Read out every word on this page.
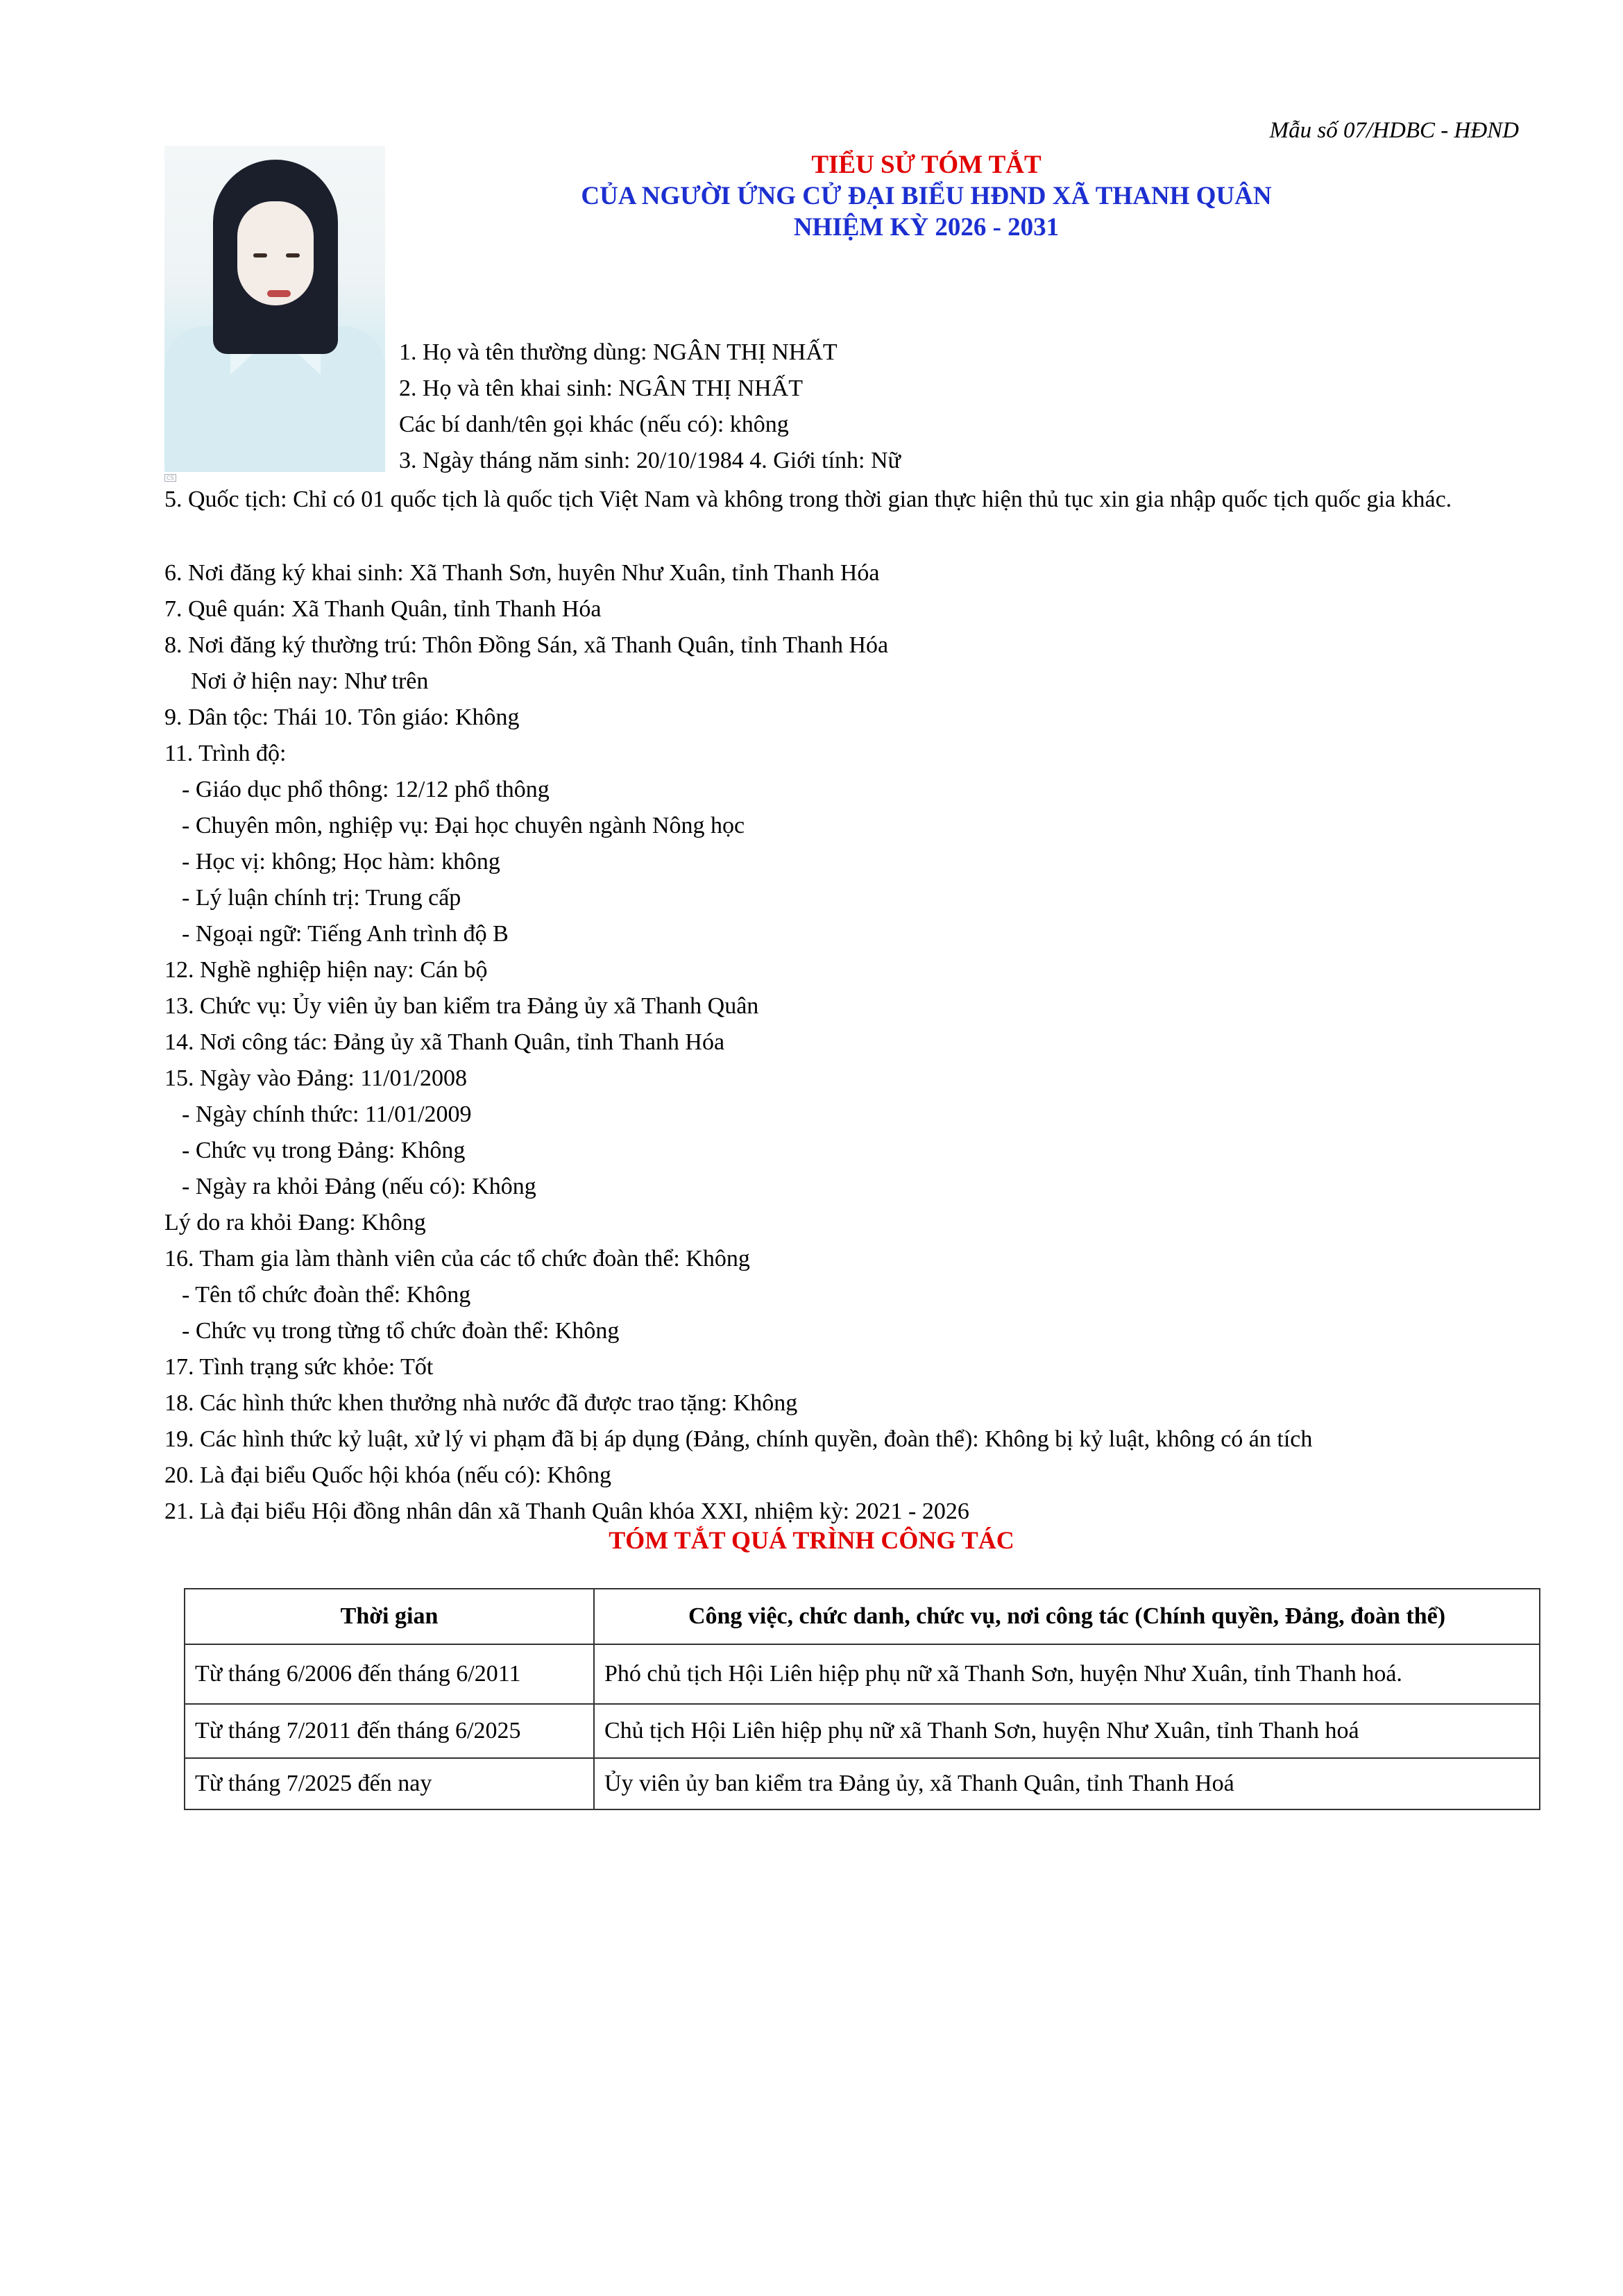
Mẫu số 07/HDBC - HĐND
TIỂU SỬ TÓM TẮT
CỦA NGƯỜI ỨNG CỬ ĐẠI BIỂU HĐND XÃ THANH QUÂN
NHIỆM KỲ 2026 - 2031
CS
1. Họ và tên thường dùng: NGÂN THỊ NHẤT
2. Họ và tên khai sinh: NGÂN THỊ NHẤT
Các bí danh/tên gọi khác (nếu có): không
3. Ngày tháng năm sinh: 20/10/1984 4. Giới tính: Nữ
5. Quốc tịch: Chỉ có 01 quốc tịch là quốc tịch Việt Nam và không trong thời gian thực hiện thủ tục xin gia nhập quốc tịch quốc gia khác.
6. Nơi đăng ký khai sinh: Xã Thanh Sơn, huyên Như Xuân, tỉnh Thanh Hóa
7. Quê quán: Xã Thanh Quân, tỉnh Thanh Hóa
8. Nơi đăng ký thường trú: Thôn Đồng Sán, xã Thanh Quân, tỉnh Thanh Hóa
Nơi ở hiện nay: Như trên
9. Dân tộc: Thái 10. Tôn giáo: Không
11. Trình độ:
- Giáo dục phổ thông: 12/12 phổ thông
- Chuyên môn, nghiệp vụ: Đại học chuyên ngành Nông học
- Học vị: không; Học hàm: không
- Lý luận chính trị: Trung cấp
- Ngoại ngữ: Tiếng Anh trình độ B
12. Nghề nghiệp hiện nay: Cán bộ
13. Chức vụ: Ủy viên ủy ban kiểm tra Đảng ủy xã Thanh Quân
14. Nơi công tác: Đảng ủy xã Thanh Quân, tỉnh Thanh Hóa
15. Ngày vào Đảng: 11/01/2008
- Ngày chính thức: 11/01/2009
- Chức vụ trong Đảng: Không
- Ngày ra khỏi Đảng (nếu có): Không
Lý do ra khỏi Đang: Không
16. Tham gia làm thành viên của các tổ chức đoàn thể: Không
- Tên tổ chức đoàn thể: Không
- Chức vụ trong từng tổ chức đoàn thể: Không
17. Tình trạng sức khỏe: Tốt
18. Các hình thức khen thưởng nhà nước đã được trao tặng: Không
19. Các hình thức kỷ luật, xử lý vi phạm đã bị áp dụng (Đảng, chính quyền, đoàn thể): Không bị kỷ luật, không có án tích
20. Là đại biểu Quốc hội khóa (nếu có): Không
21. Là đại biểu Hội đồng nhân dân xã Thanh Quân khóa XXI, nhiệm kỳ: 2021 - 2026
TÓM TẮT QUÁ TRÌNH CÔNG TÁC
Thời gian	Công việc, chức danh, chức vụ, nơi công tác (Chính quyền, Đảng, đoàn thể)
Từ tháng 6/2006 đến tháng 6/2011	Phó chủ tịch Hội Liên hiệp phụ nữ xã Thanh Sơn, huyện Như Xuân, tỉnh Thanh hoá.
Từ tháng 7/2011 đến tháng 6/2025	Chủ tịch Hội Liên hiệp phụ nữ xã Thanh Sơn, huyện Như Xuân, tỉnh Thanh hoá
Từ tháng 7/2025 đến nay	Ủy viên ủy ban kiểm tra Đảng ủy, xã Thanh Quân, tỉnh Thanh Hoá
